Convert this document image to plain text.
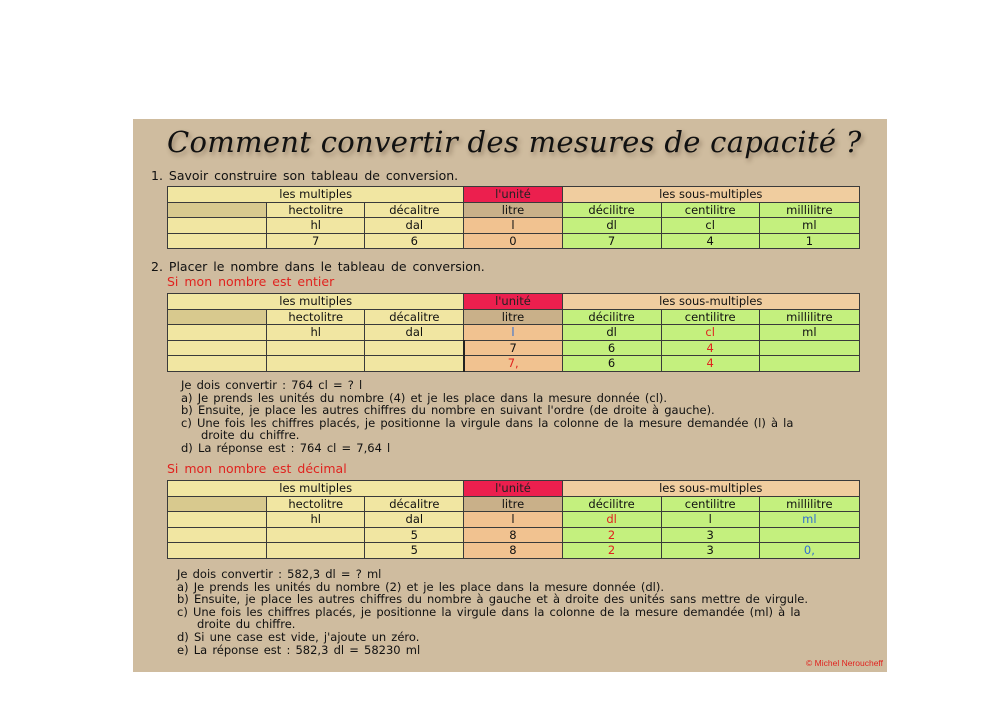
Comment convertir des mesures de capacité ?
1. Savoir construire son tableau de conversion.
les multiples			l'unité	les sous-multiples		
	hectolitre	décalitre	litre	décilitre	centilitre	millilitre
	hl	dal	l	dl	cl	ml
	7	6	0	7	4	1
2. Placer le nombre dans le tableau de conversion.
Si mon nombre est entier
les multiples			l'unité	les sous-multiples		
	hectolitre	décalitre	litre	décilitre	centilitre	millilitre
	hl	dal	l	dl	cl	ml
			7	6	4	
			7,	6	4	
Je dois convertir : 764 cl = ? l
a) Je prends les unités du nombre (4) et je les place dans la mesure donnée (cl).
b) Ensuite, je place les autres chiffres du nombre en suivant l'ordre (de droite à gauche).
c) Une fois les chiffres placés, je positionne la virgule dans la colonne de la mesure demandée (l) à la
droite du chiffre.
d) La réponse est : 764 cl = 7,64 l
Si mon nombre est décimal
les multiples			l'unité	les sous-multiples		
	hectolitre	décalitre	litre	décilitre	centilitre	millilitre
	hl	dal	l	dl	l	ml
		5	8	2	3	
		5	8	2	3	0,
Je dois convertir : 582,3 dl = ? ml
a) Je prends les unités du nombre (2) et je les place dans la mesure donnée (dl).
b) Ensuite, je place les autres chiffres du nombre à gauche et à droite des unités sans mettre de virgule.
c) Une fois les chiffres placés, je positionne la virgule dans la colonne de la mesure demandée (ml) à la
droite du chiffre.
d) Si une case est vide, j'ajoute un zéro.
e) La réponse est : 582,3 dl = 58230 ml
© Michel Neroucheff
